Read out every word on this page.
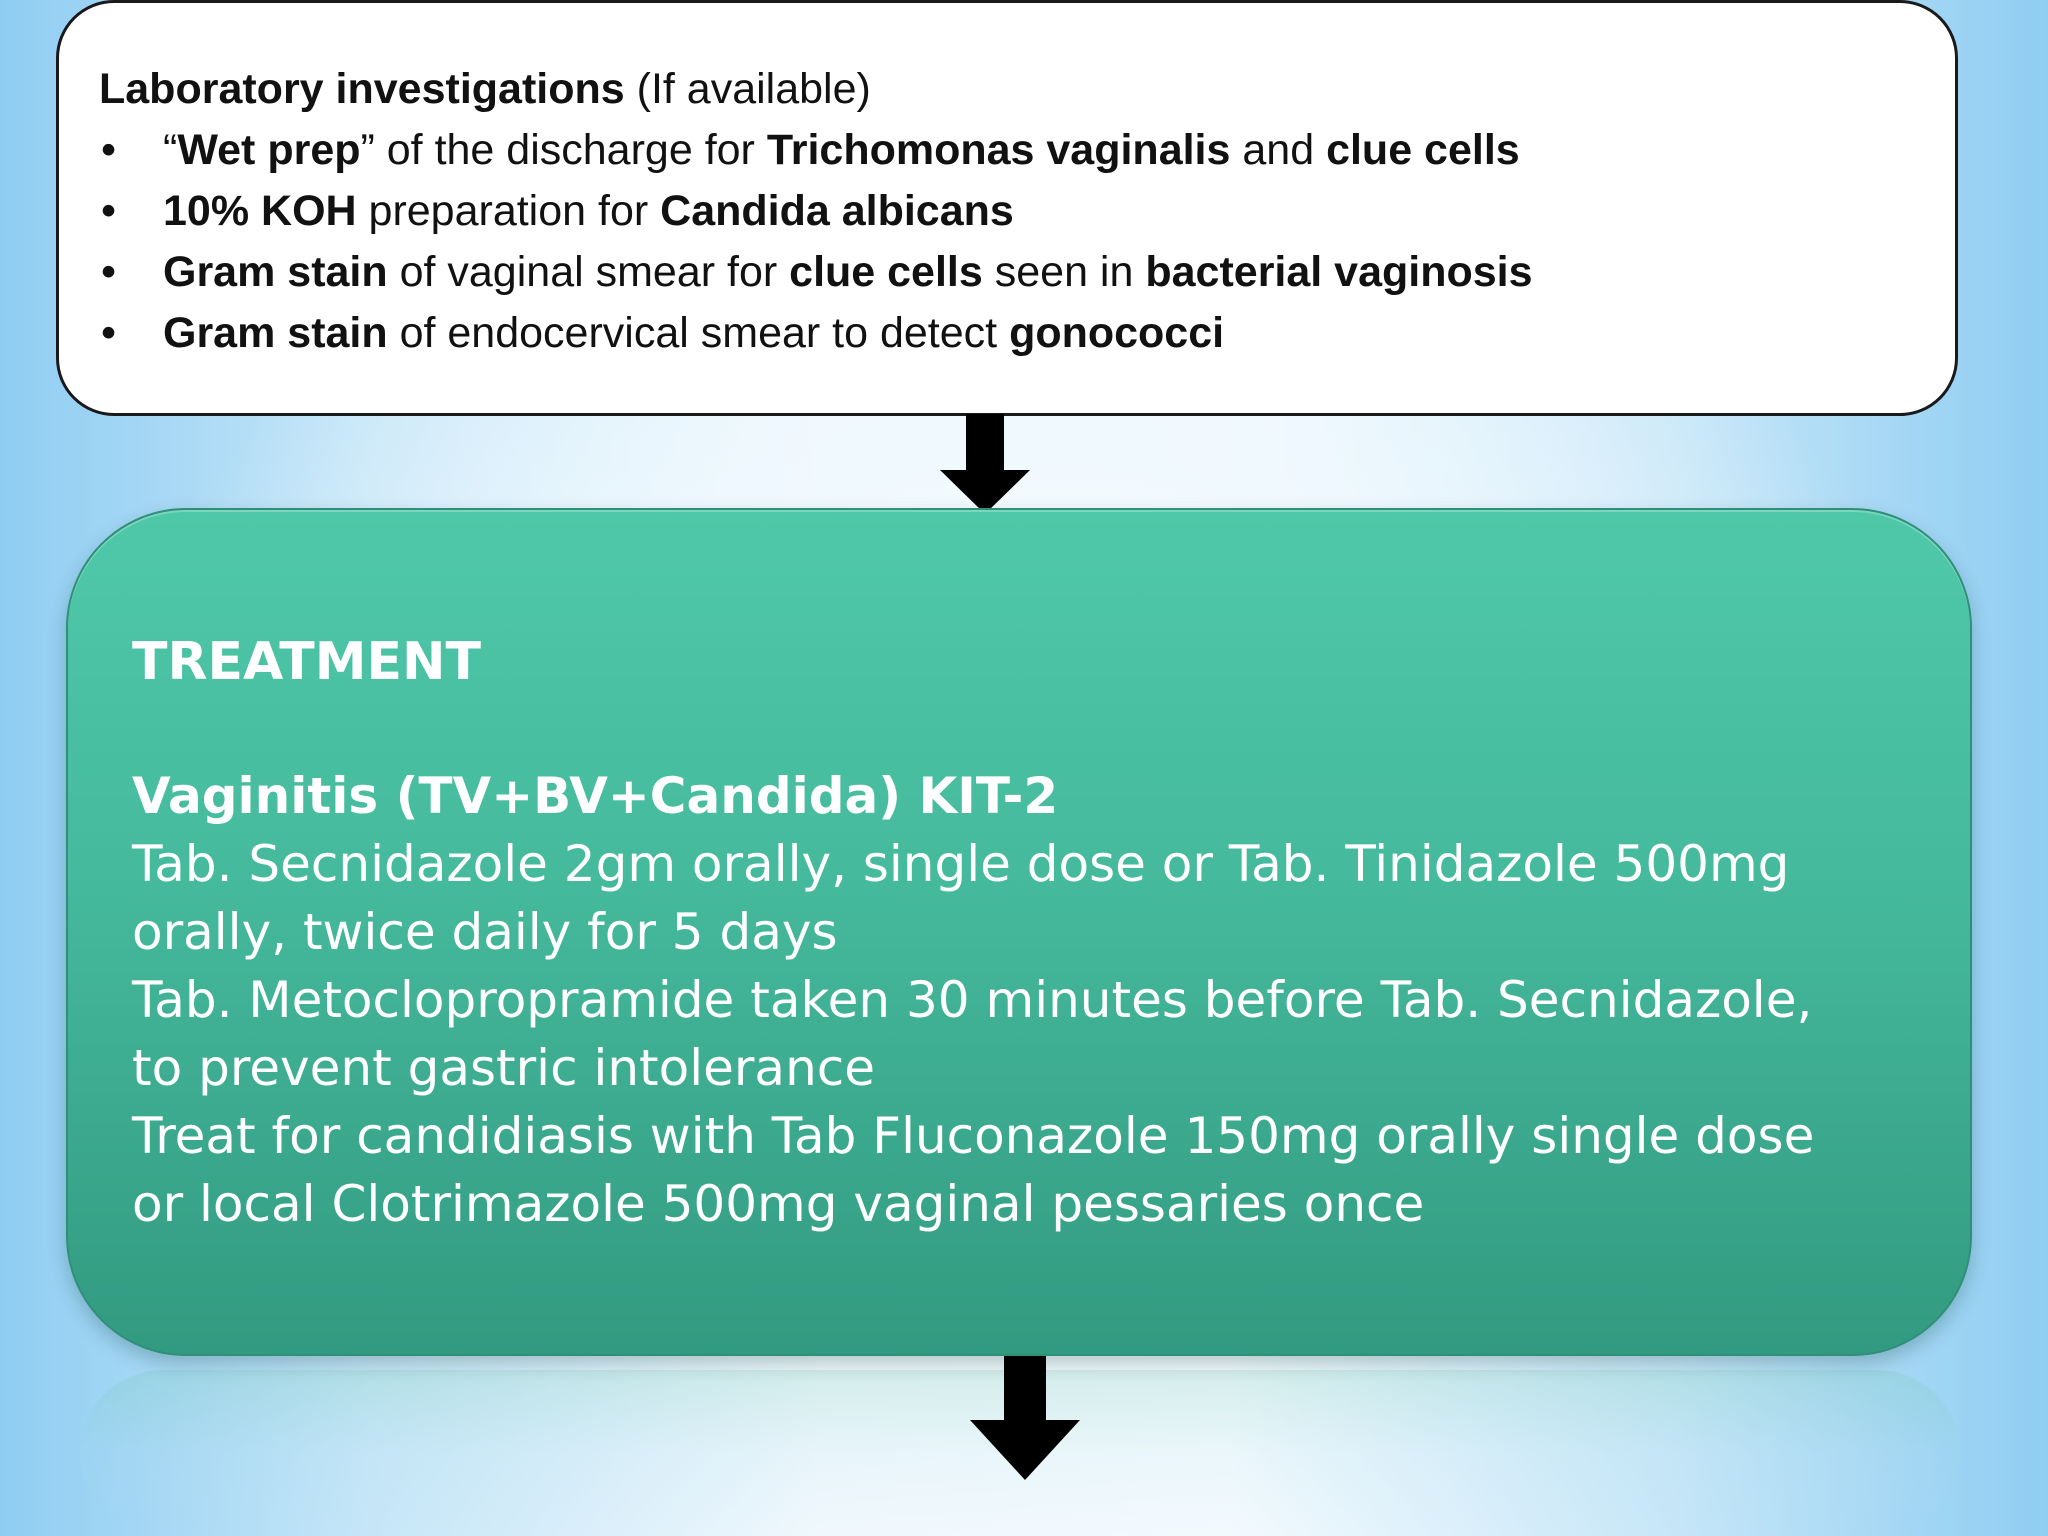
Laboratory investigations (If available)

• “Wet prep” of the discharge for Trichomonas vaginalis and clue cells
• 10% KOH preparation for Candida albicans
• Gram stain of vaginal smear for clue cells seen in bacterial vaginosis
• Gram stain of endocervical smear to detect gonococci

TREATMENT

Vaginitis (TV+BV+Candida) KIT-2

Tab. Secnidazole 2gm orally, single dose or Tab. Tinidazole 500mg
orally, twice daily for 5 days
Tab. Metoclopropramide taken 30 minutes before Tab. Secnidazole,
to prevent gastric intolerance
Treat for candidiasis with Tab Fluconazole 150mg orally single dose
or local Clotrimazole 500mg vaginal pessaries once
